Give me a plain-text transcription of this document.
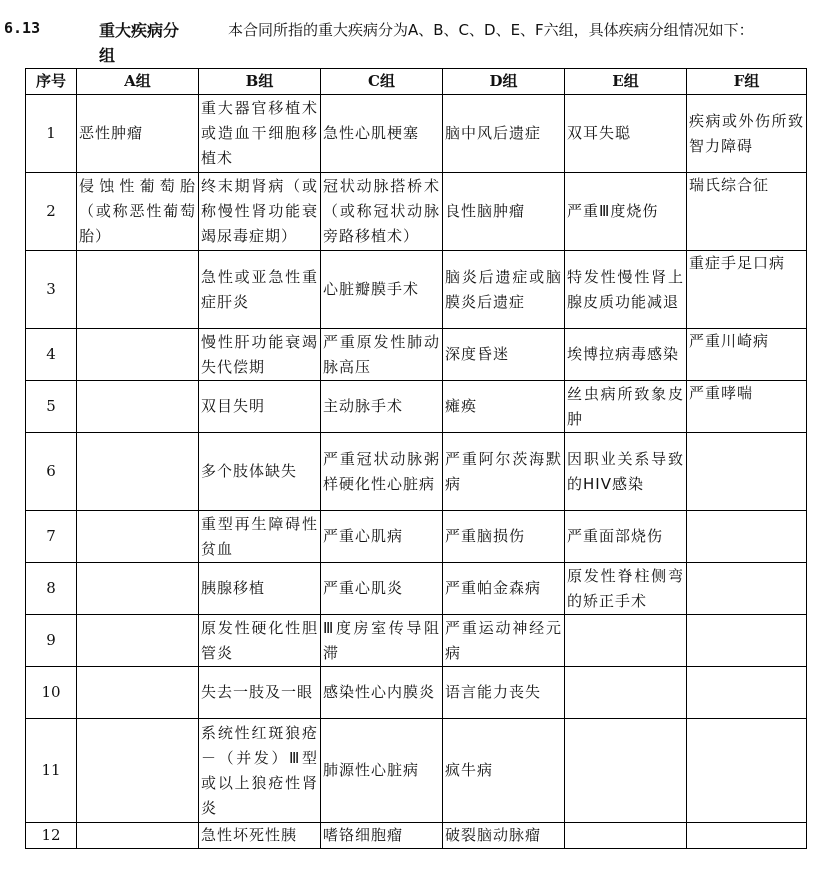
6.13	重大疾病分组
本合同所指的重大疾病分为A、B、C、D、E、F六组，具体疾病分组情况如下：
序号	A组	B组	C组	D组	E组	F组
1	恶性肿瘤	重大器官移植术或造血干细胞移植术	急性心肌梗塞	脑中风后遗症	双耳失聪	疾病或外伤所致智力障碍
2	侵蚀性葡萄胎（或称恶性葡萄胎）	终末期肾病（或称慢性肾功能衰竭尿毒症期）	冠状动脉搭桥术（或称冠状动脉旁路移植术）	良性脑肿瘤	严重Ⅲ度烧伤	瑞氏综合征
3		急性或亚急性重症肝炎	心脏瓣膜手术	脑炎后遗症或脑膜炎后遗症	特发性慢性肾上腺皮质功能减退	重症手足口病
4		慢性肝功能衰竭失代偿期	严重原发性肺动脉高压	深度昏迷	埃博拉病毒感染	严重川崎病
5		双目失明	主动脉手术	瘫痪	丝虫病所致象皮肿	严重哮喘
6		多个肢体缺失	严重冠状动脉粥样硬化性心脏病	严重阿尔茨海默病	因职业关系导致的HIV感染	
7		重型再生障碍性贫血	严重心肌病	严重脑损伤	严重面部烧伤	
8		胰腺移植	严重心肌炎	严重帕金森病	原发性脊柱侧弯的矫正手术	
9		原发性硬化性胆管炎	Ⅲ度房室传导阻滞	严重运动神经元病		
10		失去一肢及一眼	感染性心内膜炎	语言能力丧失		
11		系统性红斑狼疮－（并发）Ⅲ型或以上狼疮性肾炎	肺源性心脏病	疯牛病		
12		急性坏死性胰	嗜铬细胞瘤	破裂脑动脉瘤		
